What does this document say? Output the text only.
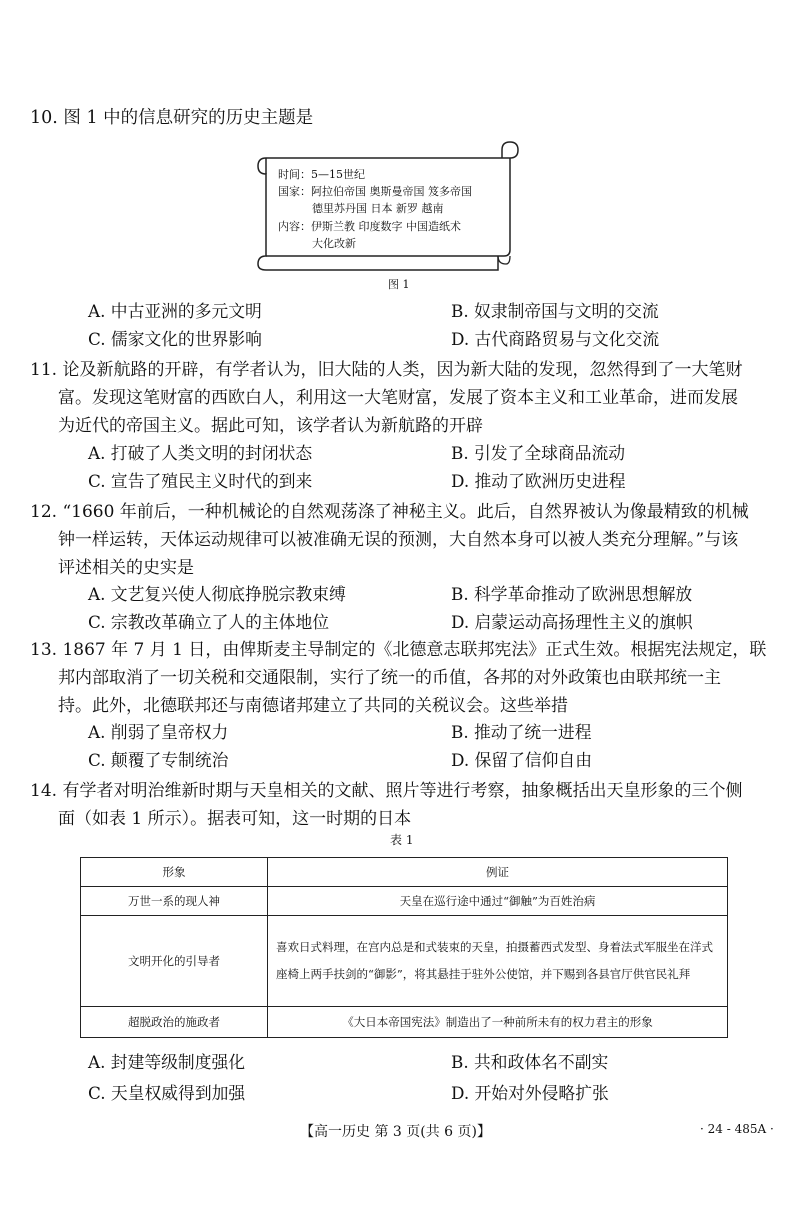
10. 图 1 中的信息研究的历史主题是
时间：5—15世纪
国家：阿拉伯帝国 奥斯曼帝国 笈多帝国
德里苏丹国 日本 新罗 越南
内容：伊斯兰教 印度数字 中国造纸术
大化改新
图 1
A. 中古亚洲的多元文明	B. 奴隶制帝国与文明的交流
C. 儒家文化的世界影响	D. 古代商路贸易与文化交流
11. 论及新航路的开辟，有学者认为，旧大陆的人类，因为新大陆的发现，忽然得到了一大笔财
富。发现这笔财富的西欧白人，利用这一大笔财富，发展了资本主义和工业革命，进而发展
为近代的帝国主义。据此可知，该学者认为新航路的开辟
A. 打破了人类文明的封闭状态	B. 引发了全球商品流动
C. 宣告了殖民主义时代的到来	D. 推动了欧洲历史进程
12. “1660 年前后，一种机械论的自然观荡涤了神秘主义。此后，自然界被认为像最精致的机械
钟一样运转，天体运动规律可以被准确无误的预测，大自然本身可以被人类充分理解。”与该
评述相关的史实是
A. 文艺复兴使人彻底挣脱宗教束缚	B. 科学革命推动了欧洲思想解放
C. 宗教改革确立了人的主体地位	D. 启蒙运动高扬理性主义的旗帜
13. 1867 年 7 月 1 日，由俾斯麦主导制定的《北德意志联邦宪法》正式生效。根据宪法规定，联
邦内部取消了一切关税和交通限制，实行了统一的币值，各邦的对外政策也由联邦统一主
持。此外，北德联邦还与南德诸邦建立了共同的关税议会。这些举措
A. 削弱了皇帝权力	B. 推动了统一进程
C. 颠覆了专制统治	D. 保留了信仰自由
14. 有学者对明治维新时期与天皇相关的文献、照片等进行考察，抽象概括出天皇形象的三个侧
面（如表 1 所示）。据表可知，这一时期的日本
表 1
形象	例证
万世一系的现人神	天皇在巡行途中通过“御触”为百姓治病
文明开化的引导者	喜欢日式料理，在宫内总是和式装束的天皇，拍摄蓄西式发型、身着法式军服坐在洋式座椅上两手扶剑的“御影”，将其悬挂于驻外公使馆，并下赐到各县官厅供官民礼拜
超脱政治的施政者	《大日本帝国宪法》制造出了一种前所未有的权力君主的形象
A. 封建等级制度强化	B. 共和政体名不副实
C. 天皇权威得到加强	D. 开始对外侵略扩张
【高一历史 第 3 页(共 6 页)】	· 24 - 485A ·
